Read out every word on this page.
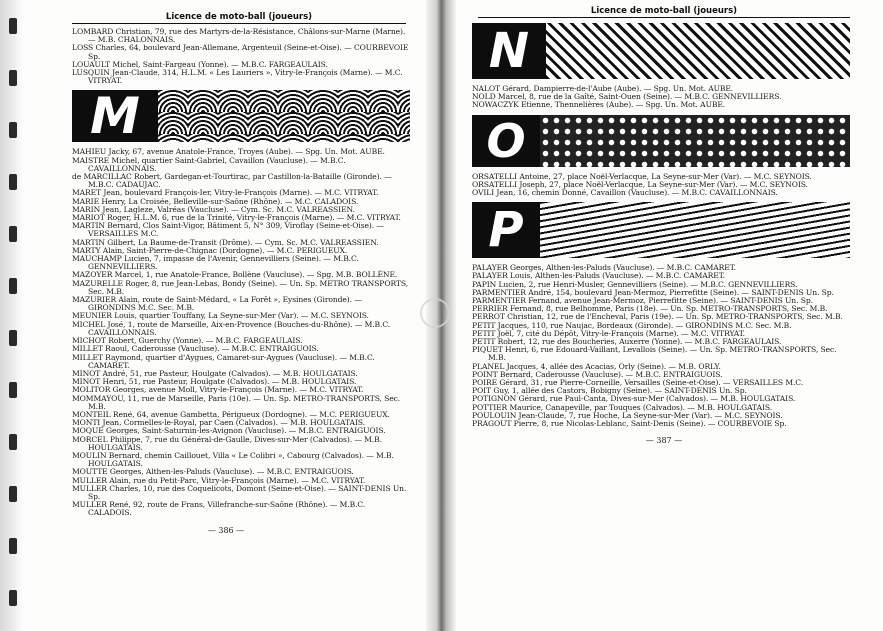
Licence de moto-ball (joueurs)
LOMBARD Christian, 79, rue des Martyrs-de-la-Résistance, Châlons-sur-Marne (Marne). — M.B. CHALONNAIS.
LOSS Charles, 64, boulevard Jean-Allemane, Argenteuil (Seine-et-Oise). — COURBEVOIE Sp.
LOUAULT Michel, Saint-Fargeau (Yonne). — M.B.C. FARGEAULAIS.
LUSQUIN Jean-Claude, 314, H.L.M. « Les Lauriers », Vitry-le-François (Marne). — M.C. VITRYAT.
M
MAHIEU Jacky, 67, avenue Anatole-France, Troyes (Aube). — Spg. Un. Mot. AUBE.
MAISTRE Michel, quartier Saint-Gabriel, Cavaillon (Vaucluse). — M.B.C. CAVAILLONNAIS.
de MARCILLAC Robert, Gardegan-et-Tourtirac, par Castillon-la-Bataille (Gironde). — M.B.C. CADAUJAC.
MARET Jean, boulevard François-Ier, Vitry-le-François (Marne). — M.C. VITRYAT.
MARIE Henry, La Croisée, Belleville-sur-Saône (Rhône). — M.C. CALADOIS.
MARIN Jean, Lagleze, Valréas (Vaucluse). — Cym. Sc. M.C. VALREASSIEN.
MARIOT Roger, H.L.M. 6, rue de la Trinité, Vitry-le-François (Marne). — M.C. VITRYAT.
MARTIN Bernard, Clos Saint-Vigor, Bâtiment 5, N° 309, Viroflay (Seine-et-Oise). — VERSAILLES M.C.
MARTIN Gilbert, La Baume-de-Transit (Drôme). — Cym. Sc. M.C. VALREASSIEN.
MARTY Alain, Saint-Pierre-de-Chignac (Dordogne). — M.C. PERIGUEUX.
MAUCHAMP Lucien, 7, impasse de l'Avenir, Gennevilliers (Seine). — M.B.C. GENNEVILLIERS.
MAZOYER Marcel, 1, rue Anatole-France, Bollène (Vaucluse). — Spg. M.B. BOLLÈNE.
MAZURELLE Roger, 8, rue Jean-Lebas, Bondy (Seine). — Un. Sp. METRO TRANSPORTS, Sec. M.B.
MAZURIER Alain, route de Saint-Médard, « La Forêt », Eysines (Gironde). — GIRONDINS M.C. Sec. M.B.
MEUNIER Louis, quartier Touffany, La Seyne-sur-Mer (Var). — M.C. SEYNOIS.
MICHEL José, 1, route de Marseille, Aix-en-Provence (Bouches-du-Rhône). — M.B.C. CAVAILLONNAIS.
MICHOT Robert, Guerchy (Yonne). — M.B.C. FARGEAULAIS.
MILLET Raoul, Caderousse (Vaucluse). — M.B.C. ENTRAIGUOIS.
MILLET Raymond, quartier d'Aygues, Camaret-sur-Aygues (Vaucluse). — M.B.C. CAMARET.
MINOT André, 51, rue Pasteur, Houlgate (Calvados). — M.B. HOULGATAIS.
MINOT Henri, 51, rue Pasteur, Houlgate (Calvados). — M.B. HOULGATAIS.
MOLITOR Georges, avenue Moll, Vitry-le-François (Marne). — M.C. VITRYAT.
MOMMAYOU, 11, rue de Marseille, Paris (10e). — Un. Sp. METRO-TRANSPORTS, Sec. M.B.
MONTEIL René, 64, avenue Gambetta, Périgueux (Dordogne). — M.C. PERIGUEUX.
MONTI Jean, Cormelles-le-Royal, par Caen (Calvados). — M.B. HOULGATAIS.
MOQUE Georges, Saint-Saturnin-les-Avignon (Vaucluse). — M.B.C. ENTRAIGUOIS.
MORCEL Philippe, 7, rue du Général-de-Gaulle, Dives-sur-Mer (Calvados). — M.B. HOULGATAIS.
MOULIN Bernard, chemin Caillouet, Villa « Le Colibri », Cabourg (Calvados). — M.B. HOULGATAIS.
MOUTTE Georges, Althen-les-Paluds (Vaucluse). — M.B.C. ENTRAIGUOIS.
MULLER Alain, rue du Petit-Parc, Vitry-le-François (Marne). — M.C. VITRYAT.
MULLER Charles, 10, rue des Coquelicots, Domont (Seine-et-Oise). — SAINT-DENIS Un. Sp.
MULLER René, 92, route de Frans, Villefranche-sur-Saône (Rhône). — M.B.C. CALADOIS.
— 386 —
Licence de moto-ball (joueurs)
N
NALOT Gérard, Dampierre-de-l'Aube (Aube). — Spg. Un. Mot. AUBE.
NOLD Marcel, 8, rue de la Gaîté, Saint-Ouen (Seine). — M.B.C. GENNEVILLIERS.
NOWACZYK Etienne, Thennelières (Aube). — Spg. Un. Mot. AUBE.
O
ORSATELLI Antoine, 27, place Noël-Verlacque, La Seyne-sur-Mer (Var). — M.C. SEYNOIS.
ORSATELLI Joseph, 27, place Noël-Verlacque, La Seyne-sur-Mer (Var). — M.C. SEYNOIS.
OVILI Jean, 16, chemin Donné, Cavaillon (Vaucluse). — M.B.C. CAVAILLONNAIS.
P
PALAYER Georges, Althen-les-Paluds (Vaucluse). — M.B.C. CAMARET.
PALAYER Louis, Althen-les-Paluds (Vaucluse). — M.B.C. CAMARET.
PAPIN Lucien, 2, rue Henri-Musler, Gennevilliers (Seine). — M.B.C. GENNEVILLIERS.
PARMENTIER André, 154, boulevard Jean-Mermoz, Pierrefitte (Seine). — SAINT-DENIS Un. Sp.
PARMENTIER Fernand, avenue Jean-Mermoz, Pierrefitte (Seine). — SAINT-DENIS Un. Sp.
PERRIER Fernand, 8, rue Belhomme, Paris (18e). — Un. Sp. METRO-TRANSPORTS, Sec. M.B.
PERROT Christian, 12, rue de l'Encheval, Paris (19e). — Un. Sp. METRO-TRANSPORTS, Sec. M.B.
PETIT Jacques, 110, rue Naujac, Bordeaux (Gironde). — GIRONDINS M.C. Sec. M.B.
PETIT Joël, 7, cité du Dépôt, Vitry-le-François (Marne). — M.C. VITRYAT.
PETIT Robert, 12, rue des Boucheries, Auxerre (Yonne). — M.B.C. FARGEAULAIS.
PIQUET Henri, 6, rue Edouard-Vaillant, Levallois (Seine). — Un. Sp. METRO-TRANSPORTS, Sec. M.B.
PLANEL Jacques, 4, allée des Acacias, Orly (Seine). — M.B. ORLY.
POINT Bernard, Caderousse (Vaucluse). — M.B.C. ENTRAIGUOIS.
POIRE Gérard, 31, rue Pierre-Corneille, Versailles (Seine-et-Oise). — VERSAILLES M.C.
POIT Guy, 1, allée des Castors, Bobigny (Seine). — SAINT-DENIS Un. Sp.
POTIGNON Gérard, rue Paul-Canta, Dives-sur-Mer (Calvados). — M.B. HOULGATAIS.
POTTIER Maurice, Canapeville, par Touques (Calvados). — M.B. HOULGATAIS.
POULOUIN Jean-Claude, 7, rue Hoche, La Seyne-sur-Mer (Var). — M.C. SEYNOIS.
PRAGOUT Pierre, 8, rue Nicolas-Leblanc, Saint-Denis (Seine). — COURBEVOIE Sp.
— 387 —
